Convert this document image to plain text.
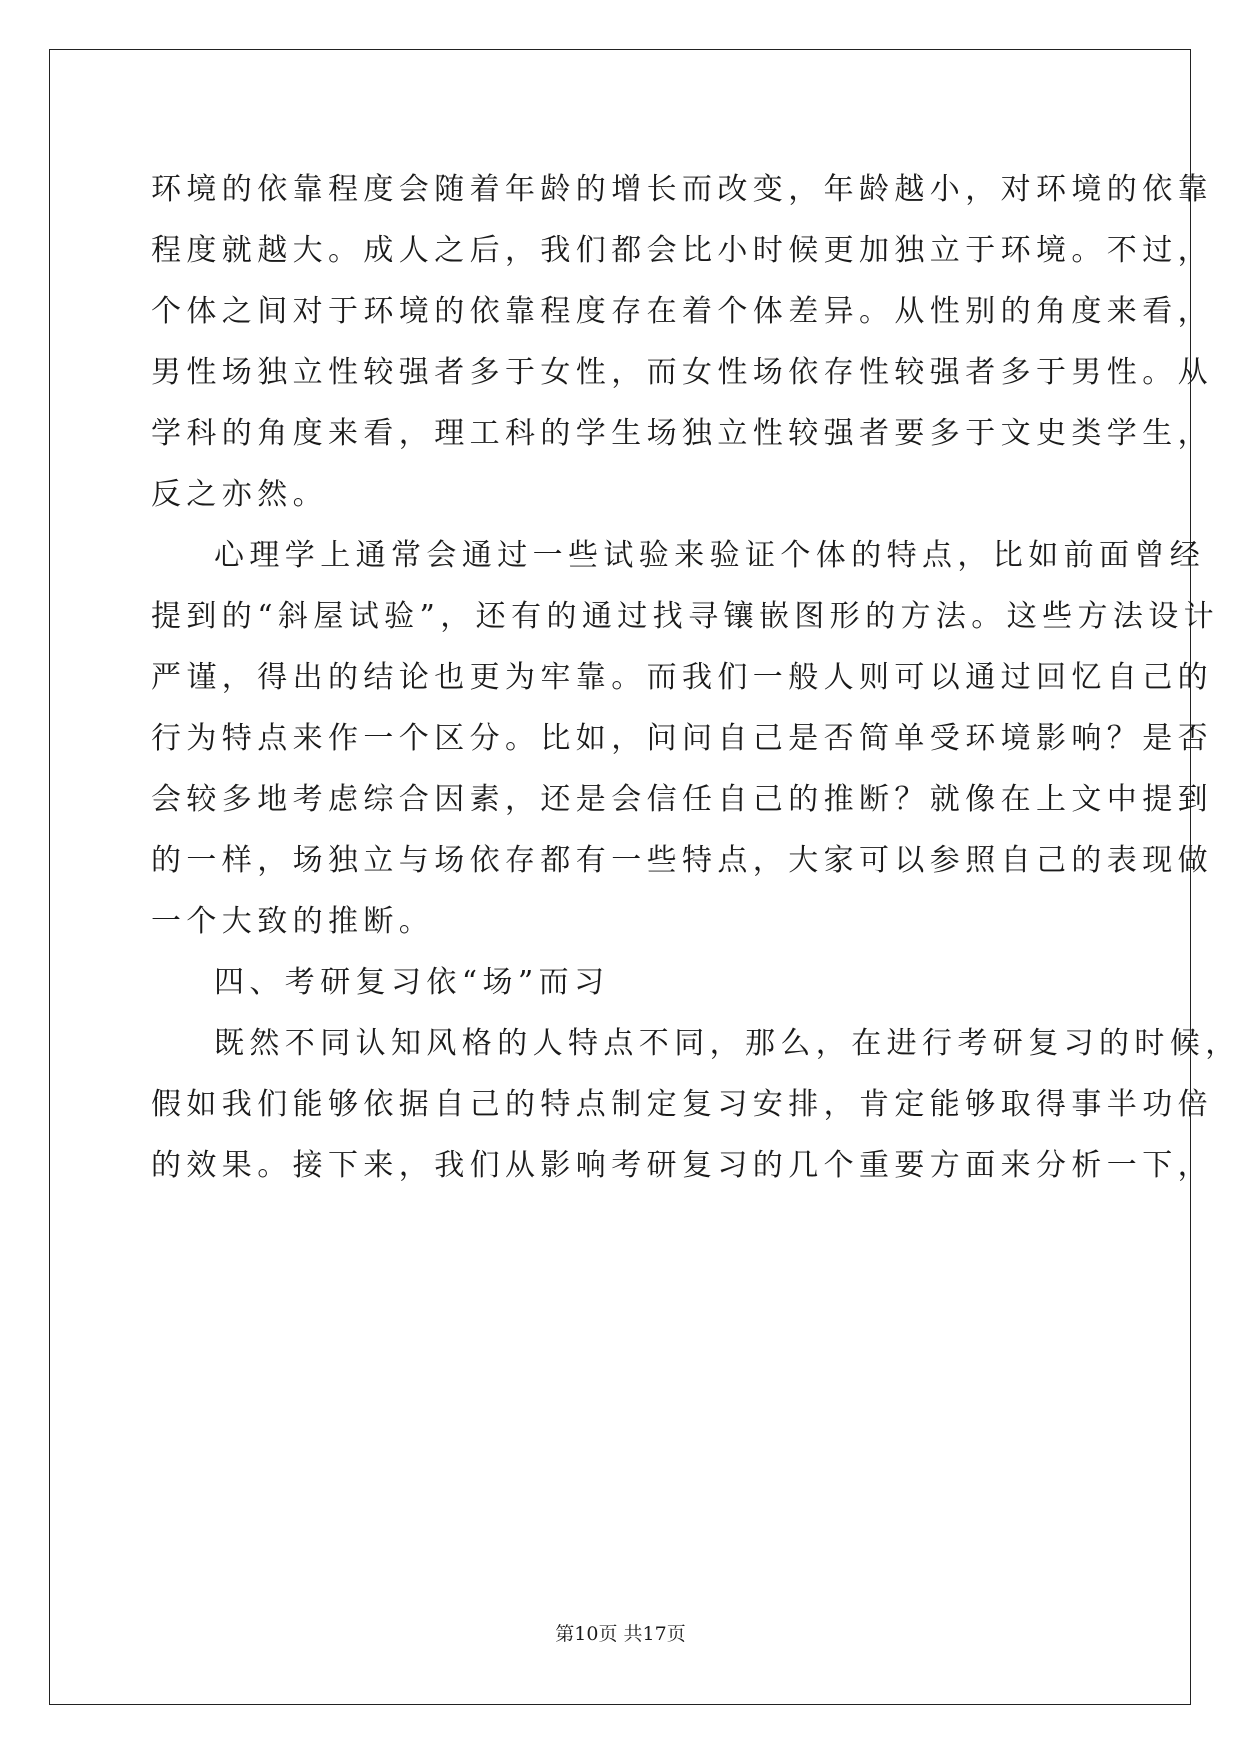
环境的依靠程度会随着年龄的增长而改变，年龄越小，对环境的依靠
程度就越大。成人之后，我们都会比小时候更加独立于环境。不过，
个体之间对于环境的依靠程度存在着个体差异。从性别的角度来看，
男性场独立性较强者多于女性，而女性场依存性较强者多于男性。从
学科的角度来看，理工科的学生场独立性较强者要多于文史类学生，
反之亦然。
心理学上通常会通过一些试验来验证个体的特点，比如前面曾经
提到的“斜屋试验”，还有的通过找寻镶嵌图形的方法。这些方法设计
严谨，得出的结论也更为牢靠。而我们一般人则可以通过回忆自己的
行为特点来作一个区分。比如，问问自己是否简单受环境影响？是否
会较多地考虑综合因素，还是会信任自己的推断？就像在上文中提到
的一样，场独立与场依存都有一些特点，大家可以参照自己的表现做
一个大致的推断。
四、考研复习依“场”而习
既然不同认知风格的人特点不同，那么，在进行考研复习的时候，
假如我们能够依据自己的特点制定复习安排，肯定能够取得事半功倍
的效果。接下来，我们从影响考研复习的几个重要方面来分析一下，
第10页 共17页
